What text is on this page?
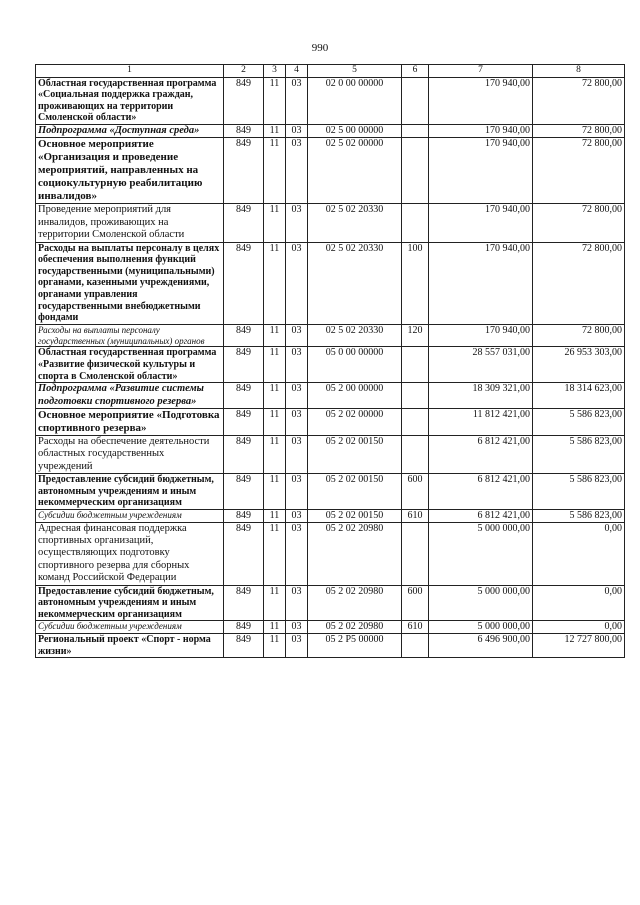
990
1	2	3	4	5	6	7	8
Областная государственная программа «Социальная поддержка граждан, проживающих на территории Смоленской области»	849	11	03	02 0 00 00000		170 940,00	72 800,00
Подпрограмма «Доступная среда»	849	11	03	02 5 00 00000		170 940,00	72 800,00
Основное мероприятие «Организация и проведение мероприятий, направленных на социокультурную реабилитацию инвалидов»	849	11	03	02 5 02 00000		170 940,00	72 800,00
Проведение мероприятий для инвалидов, проживающих на территории Смоленской области	849	11	03	02 5 02 20330		170 940,00	72 800,00
Расходы на выплаты персоналу в целях обеспечения выполнения функций государственными (муниципальными) органами, казенными учреждениями, органами управления государственными внебюджетными фондами	849	11	03	02 5 02 20330	100	170 940,00	72 800,00
Расходы на выплаты персоналу государственных (муниципальных) органов	849	11	03	02 5 02 20330	120	170 940,00	72 800,00
Областная государственная программа «Развитие физической культуры и спорта в Смоленской области»	849	11	03	05 0 00 00000		28 557 031,00	26 953 303,00
Подпрограмма «Развитие системы подготовки спортивного резерва»	849	11	03	05 2 00 00000		18 309 321,00	18 314 623,00
Основное мероприятие «Подготовка спортивного резерва»	849	11	03	05 2 02 00000		11 812 421,00	5 586 823,00
Расходы на обеспечение деятельности областных государственных учреждений	849	11	03	05 2 02 00150		6 812 421,00	5 586 823,00
Предоставление субсидий бюджетным, автономным учреждениям и иным некоммерческим организациям	849	11	03	05 2 02 00150	600	6 812 421,00	5 586 823,00
Субсидии бюджетным учреждениям	849	11	03	05 2 02 00150	610	6 812 421,00	5 586 823,00
Адресная финансовая поддержка спортивных организаций, осуществляющих подготовку спортивного резерва для сборных команд Российской Федерации	849	11	03	05 2 02 20980		5 000 000,00	0,00
Предоставление субсидий бюджетным, автономным учреждениям и иным некоммерческим организациям	849	11	03	05 2 02 20980	600	5 000 000,00	0,00
Субсидии бюджетным учреждениям	849	11	03	05 2 02 20980	610	5 000 000,00	0,00
Региональный проект «Спорт - норма жизни»	849	11	03	05 2 P5 00000		6 496 900,00	12 727 800,00
